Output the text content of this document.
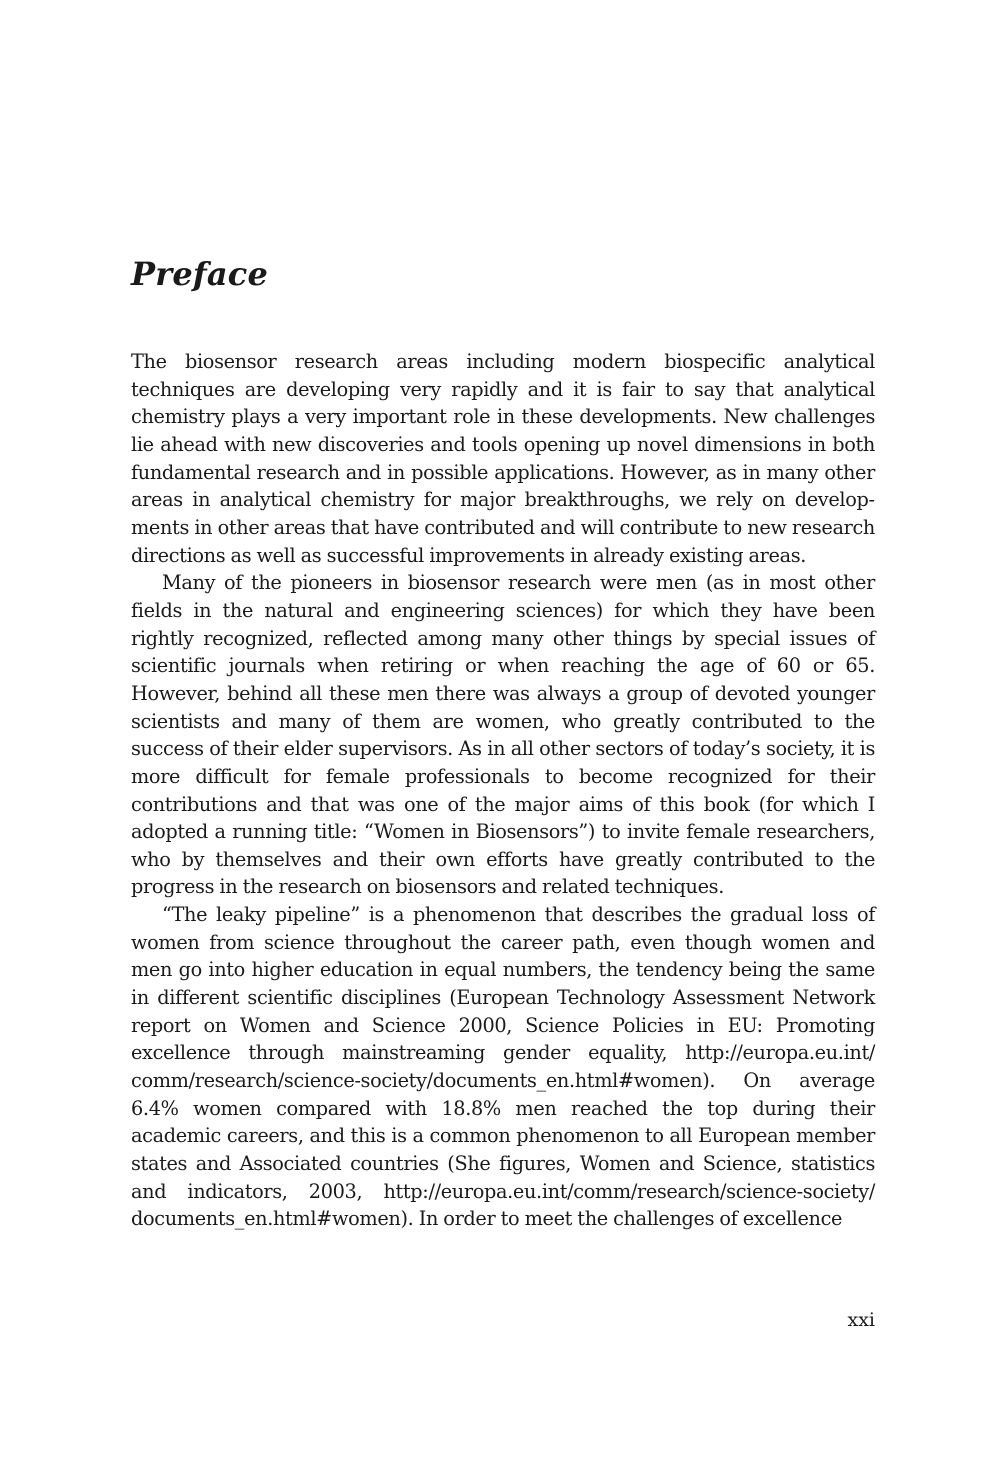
Preface

The biosensor research areas including modern biospecific analytical techniques are developing very rapidly and it is fair to say that analytical chemistry plays a very important role in these developments. New challenges lie ahead with new discoveries and tools opening up novel dimensions in both fundamental research and in possible applications. However, as in many other areas in analytical chemistry for major breakthroughs, we rely on developments in other areas that have contributed and will contribute to new research directions as well as successful improvements in already existing areas.

Many of the pioneers in biosensor research were men (as in most other fields in the natural and engineering sciences) for which they have been rightly recognized, reflected among many other things by special issues of scientific journals when retiring or when reaching the age of 60 or 65. However, behind all these men there was always a group of devoted younger scientists and many of them are women, who greatly contributed to the success of their elder supervisors. As in all other sectors of today’s society, it is more difficult for female professionals to become recognized for their contributions and that was one of the major aims of this book (for which I adopted a running title: “Women in Biosensors”) to invite female researchers, who by themselves and their own efforts have greatly contributed to the progress in the research on biosensors and related techniques.

“The leaky pipeline” is a phenomenon that describes the gradual loss of women from science throughout the career path, even though women and men go into higher education in equal numbers, the tendency being the same in different scientific disciplines (European Technology Assessment Network report on Women and Science 2000, Science Policies in EU: Promoting excellence through mainstreaming gender equality, http://europa.eu.int/​comm/research/science-society/documents_en.html#women). On average 6.4% women compared with 18.8% men reached the top during their academic careers, and this is a common phenomenon to all European member states and Associated countries (She figures, Women and Science, statistics and indicators, 2003, http://europa.eu.int/comm/research/science-society/​documents_en.html#women). In order to meet the challenges of excellence

xxi
